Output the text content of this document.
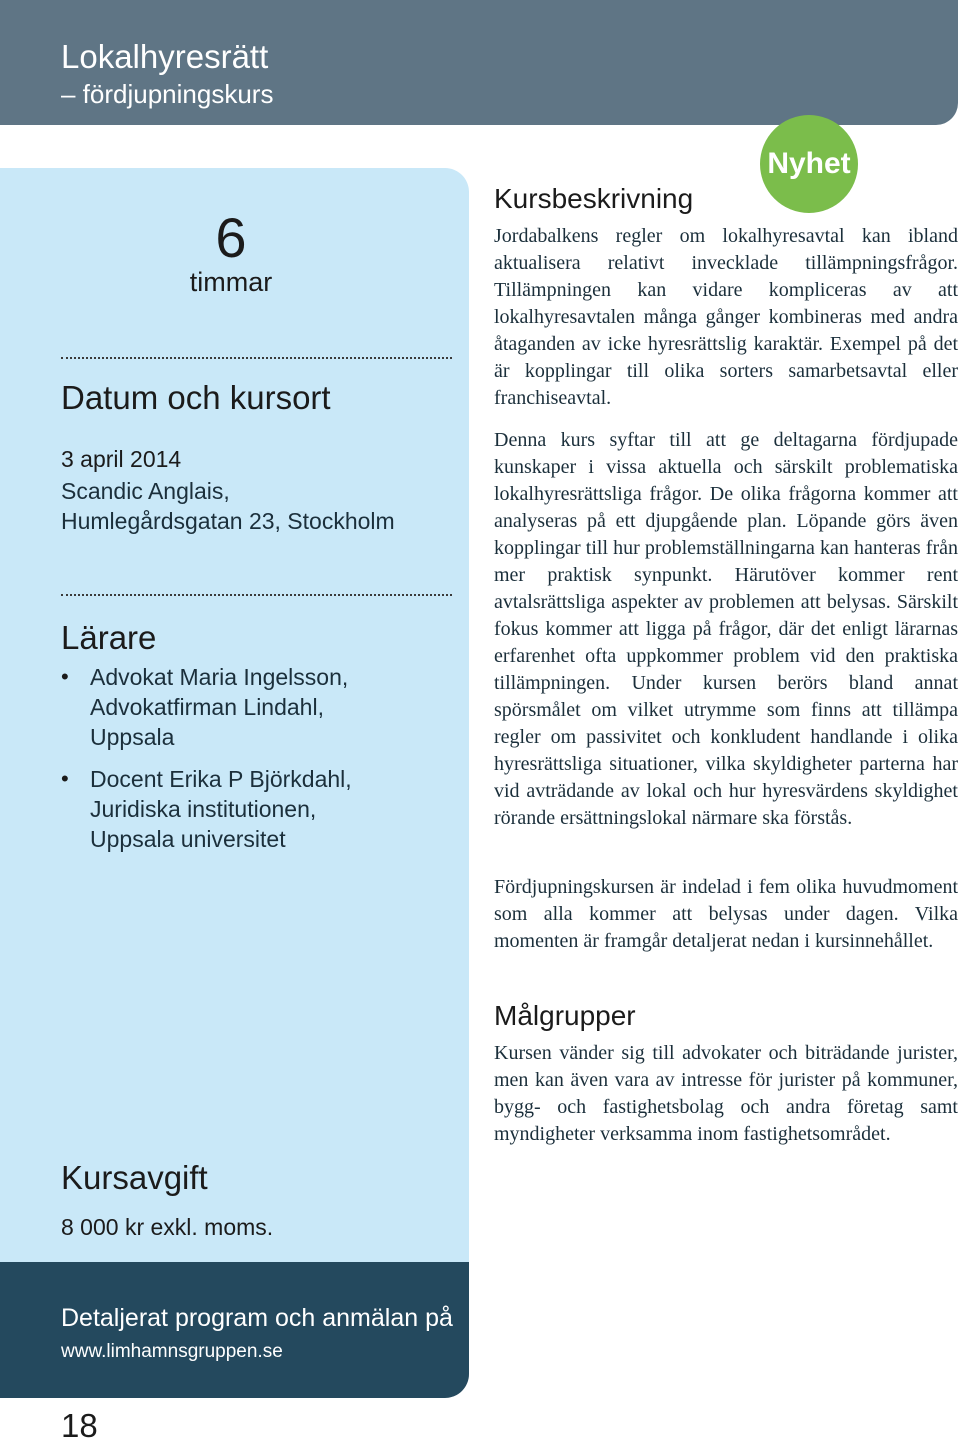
Lokalhyresrätt
– fördjupningskurs
6
timmar
Datum och kursort
3 april 2014
Scandic Anglais,
Humlegårdsgatan 23, Stockholm
Lärare
• Advokat Maria Ingelsson,
Advokatfirman Lindahl,
Uppsala
• Docent Erika P Björkdahl,
Juridiska institutionen,
Uppsala universitet
Kursavgift
8 000 kr exkl. moms.
Detaljerat program och anmälan på
www.limhamnsgruppen.se
18
Nyhet
Kursbeskrivning

Jordabalkens regler om lokalhyresavtal kan ibland aktualisera relativt invecklade tillämpningsfrågor. Tillämpningen kan vidare kompliceras av att lokalhyresavtalen många gånger kombineras med andra åtaganden av icke hyresrättslig karaktär. Exempel på det är kopplingar till olika sorters samarbetsavtal eller franchiseavtal.

Denna kurs syftar till att ge deltagarna fördjupade kunskaper i vissa aktuella och särskilt problematiska lokalhyresrättsliga frågor. De olika frågorna kommer att analyseras på ett djupgående plan. Löpande görs även kopplingar till hur problemställningarna kan hanteras från mer praktisk synpunkt. Härutöver kommer rent avtalsrättsliga aspekter av problemen att belysas. Särskilt fokus kommer att ligga på frågor, där det enligt lärarnas erfarenhet ofta uppkommer problem vid den praktiska tillämpningen. Under kursen berörs bland annat spörsmålet om vilket utrymme som finns att tillämpa regler om passivitet och konkludent handlande i olika hyresrättsliga situationer, vilka skyldigheter parterna har vid avträdande av lokal och hur hyresvärdens skyldighet rörande ersättningslokal närmare ska förstås.

Fördjupningskursen är indelad i fem olika huvudmoment som alla kommer att belysas under dagen. Vilka momenten är framgår detaljerat nedan i kursinnehållet.

Målgrupper

Kursen vänder sig till advokater och biträdande jurister, men kan även vara av intresse för jurister på kommuner, bygg- och fastighetsbolag och andra företag samt myndigheter verksamma inom fastighetsområdet.
